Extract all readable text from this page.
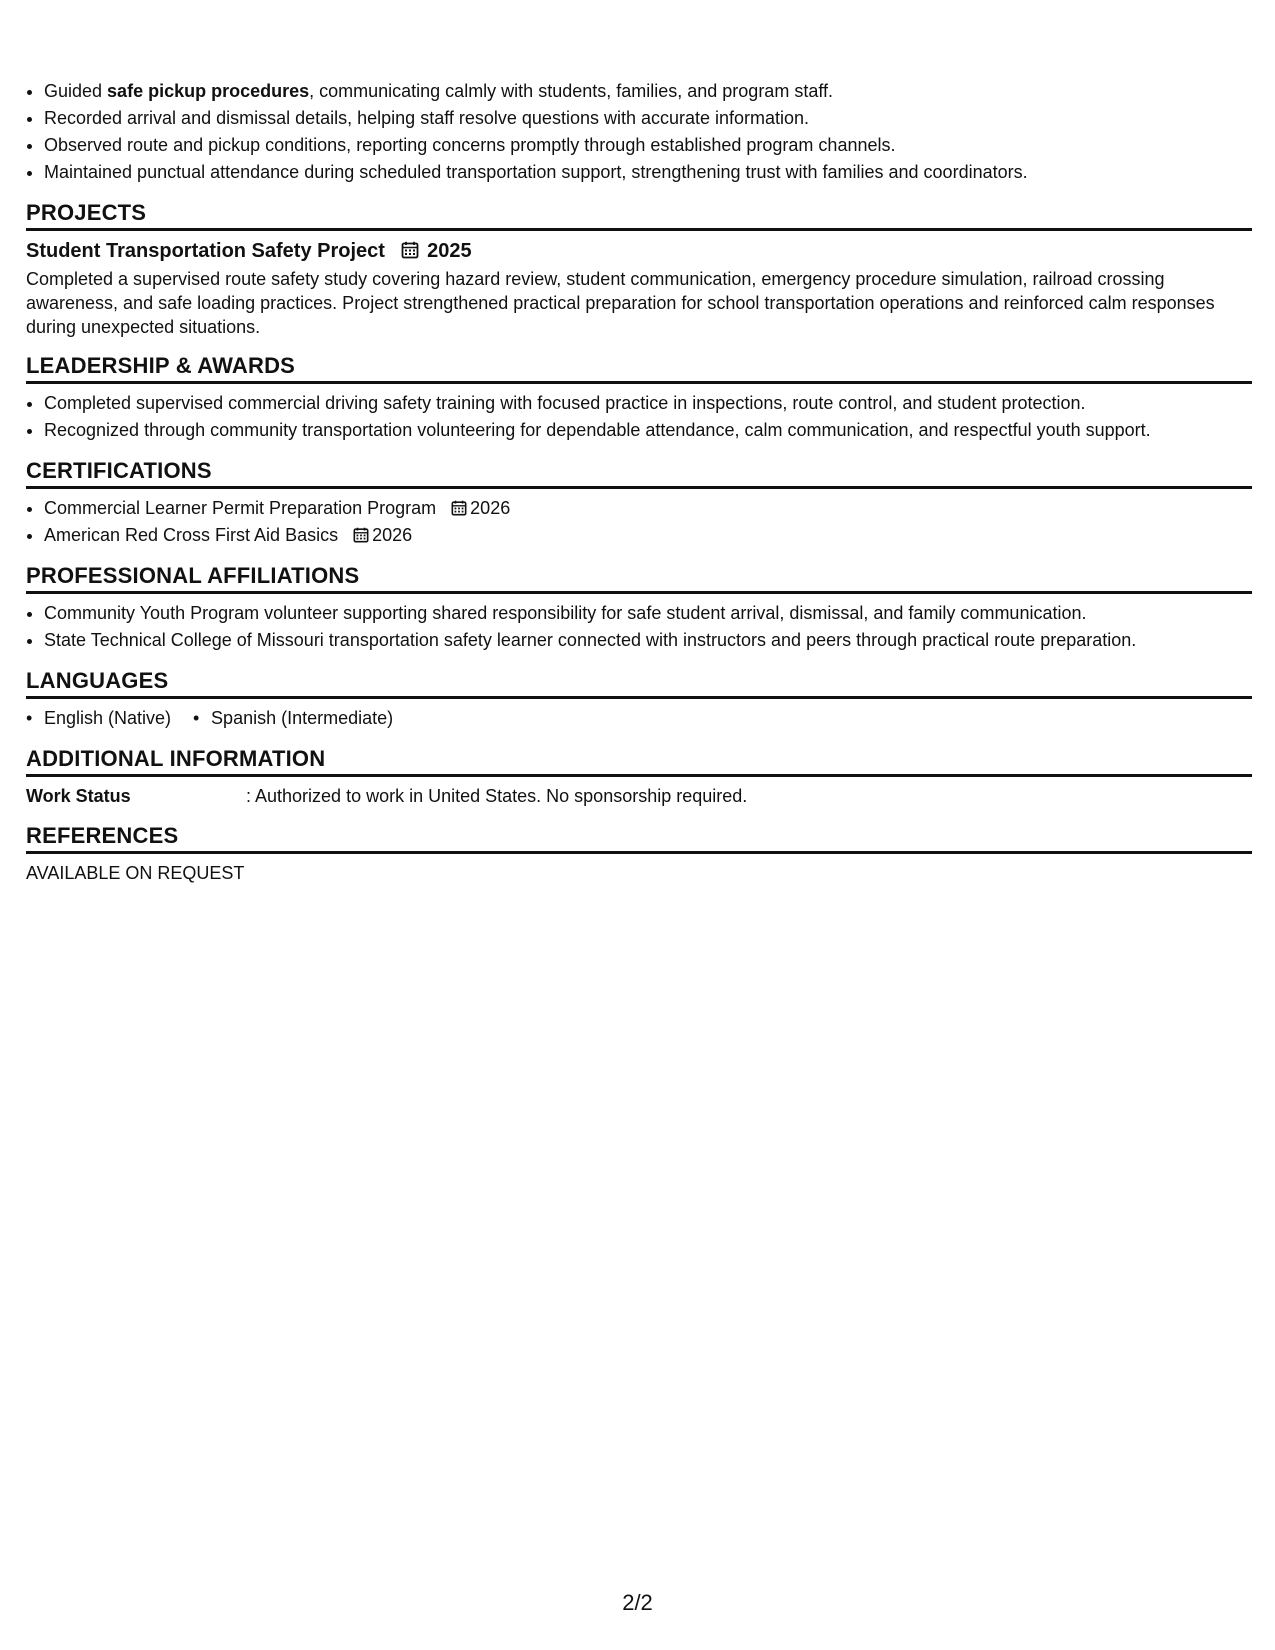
• Guided safe pickup procedures, communicating calmly with students, families, and program staff.
• Recorded arrival and dismissal details, helping staff resolve questions with accurate information.
• Observed route and pickup conditions, reporting concerns promptly through established program channels.
• Maintained punctual attendance during scheduled transportation support, strengthening trust with families and coordinators.
PROJECTS
Student Transportation Safety Project 2025

Completed a supervised route safety study covering hazard review, student communication, emergency procedure simulation, railroad crossing awareness, and safe loading practices. Project strengthened practical preparation for school transportation operations and reinforced calm responses during unexpected situations.

LEADERSHIP & AWARDS
• Completed supervised commercial driving safety training with focused practice in inspections, route control, and student protection.
• Recognized through community transportation volunteering for dependable attendance, calm communication, and respectful youth support.
CERTIFICATIONS
• Commercial Learner Permit Preparation Program 2026
• American Red Cross First Aid Basics 2026
PROFESSIONAL AFFILIATIONS
• Community Youth Program volunteer supporting shared responsibility for safe student arrival, dismissal, and family communication.
• State Technical College of Missouri transportation safety learner connected with instructors and peers through practical route preparation.
LANGUAGES
• English (Native)• Spanish (Intermediate)
ADDITIONAL INFORMATION
Work Status	: Authorized to work in United States. No sponsorship required.
REFERENCES
AVAILABLE ON REQUEST
2/2
